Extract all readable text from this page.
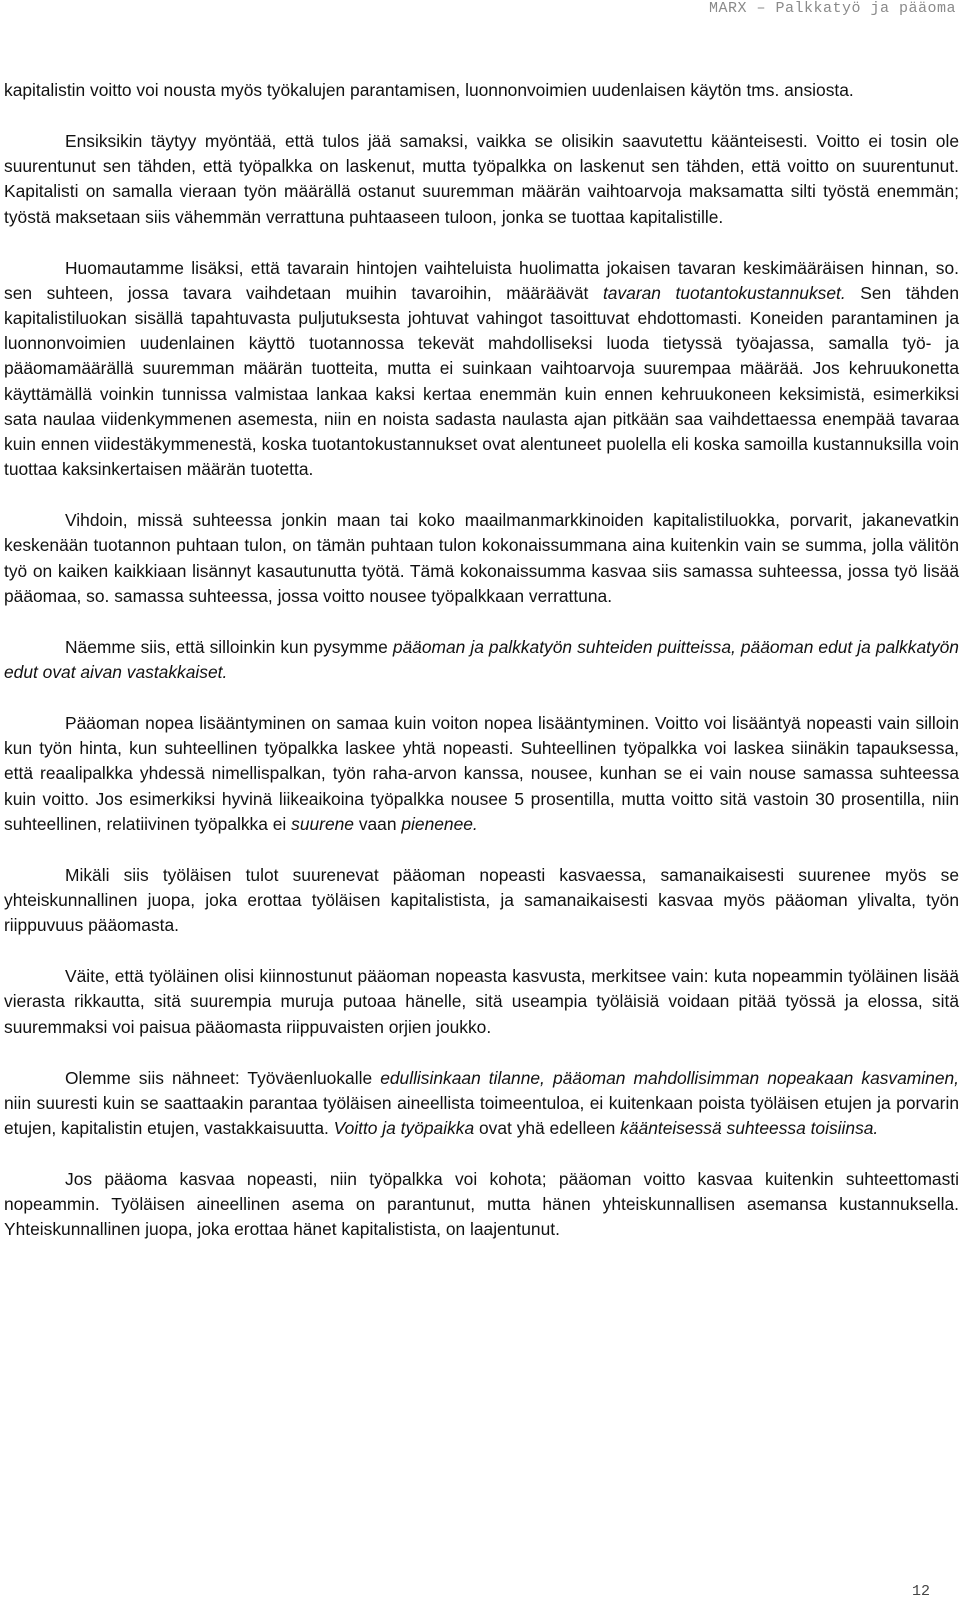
MARX – Palkkatyö ja pääoma

kapitalistin voitto voi nousta myös työkalujen parantamisen, luonnonvoimien uudenlaisen käytön tms. ansiosta.

Ensiksikin täytyy myöntää, että tulos jää samaksi, vaikka se olisikin saavutettu käänteisesti. Voitto ei tosin ole suurentunut sen tähden, että työpalkka on laskenut, mutta työpalkka on laskenut sen tähden, että voitto on suurentunut. Kapitalisti on samalla vieraan työn määrällä ostanut suuremman määrän vaihtoarvoja maksamatta silti työstä enemmän; työstä maksetaan siis vähemmän verrattuna puhtaaseen tuloon, jonka se tuottaa kapitalistille.

Huomautamme lisäksi, että tavarain hintojen vaihteluista huolimatta jokaisen tavaran keskimääräisen hinnan, so. sen suhteen, jossa tavara vaihdetaan muihin tavaroihin, määräävät tavaran tuotantokustannukset. Sen tähden kapitalistiluokan sisällä tapahtuvasta puljutuksesta johtuvat vahingot tasoittuvat ehdottomasti. Koneiden parantaminen ja luonnonvoimien uudenlainen käyttö tuotannossa tekevät mahdolliseksi luoda tietyssä työajassa, samalla työ- ja pääomamäärällä suuremman määrän tuotteita, mutta ei suinkaan vaihtoarvoja suurempaa määrää. Jos kehruukonetta käyttämällä voinkin tunnissa valmistaa lankaa kaksi kertaa enemmän kuin ennen kehruukoneen keksimistä, esimerkiksi sata naulaa viidenkymmenen asemesta, niin en noista sadasta naulasta ajan pitkään saa vaihdettaessa enempää tavaraa kuin ennen viidestäkymmenestä, koska tuotantokustannukset ovat alentuneet puolella eli koska samoilla kustannuksilla voin tuottaa kaksinkertaisen määrän tuotetta.

Vihdoin, missä suhteessa jonkin maan tai koko maailmanmarkkinoiden kapitalistiluokka, porvarit, jakanevatkin keskenään tuotannon puhtaan tulon, on tämän puhtaan tulon kokonaissummana aina kuitenkin vain se summa, jolla välitön työ on kaiken kaikkiaan lisännyt kasautunutta työtä. Tämä kokonaissumma kasvaa siis samassa suhteessa, jossa työ lisää pääomaa, so. samassa suhteessa, jossa voitto nousee työpalkkaan verrattuna.

Näemme siis, että silloinkin kun pysymme pääoman ja palkkatyön suhteiden puitteissa, pääoman edut ja palkkatyön edut ovat aivan vastakkaiset.

Pääoman nopea lisääntyminen on samaa kuin voiton nopea lisääntyminen. Voitto voi lisääntyä nopeasti vain silloin kun työn hinta, kun suhteellinen työpalkka laskee yhtä nopeasti. Suhteellinen työpalkka voi laskea siinäkin tapauksessa, että reaalipalkka yhdessä nimellispalkan, työn raha-arvon kanssa, nousee, kunhan se ei vain nouse samassa suhteessa kuin voitto. Jos esimerkiksi hyvinä liikeaikoina työpalkka nousee 5 prosentilla, mutta voitto sitä vastoin 30 prosentilla, niin suhteellinen, relatiivinen työpalkka ei suurene vaan pienenee.

Mikäli siis työläisen tulot suurenevat pääoman nopeasti kasvaessa, samanaikaisesti suurenee myös se yhteiskunnallinen juopa, joka erottaa työläisen kapitalistista, ja samanaikaisesti kasvaa myös pääoman ylivalta, työn riippuvuus pääomasta.

Väite, että työläinen olisi kiinnostunut pääoman nopeasta kasvusta, merkitsee vain: kuta nopeammin työläinen lisää vierasta rikkautta, sitä suurempia muruja putoaa hänelle, sitä useampia työläisiä voidaan pitää työssä ja elossa, sitä suuremmaksi voi paisua pääomasta riippuvaisten orjien joukko.

Olemme siis nähneet: Työväenluokalle edullisinkaan tilanne, pääoman mahdollisimman nopeakaan kasvaminen, niin suuresti kuin se saattaakin parantaa työläisen aineellista toimeentuloa, ei kuitenkaan poista työläisen etujen ja porvarin etujen, kapitalistin etujen, vastakkaisuutta. Voitto ja työpaikka ovat yhä edelleen käänteisessä suhteessa toisiinsa.

Jos pääoma kasvaa nopeasti, niin työpalkka voi kohota; pääoman voitto kasvaa kuitenkin suhteettomasti nopeammin. Työläisen aineellinen asema on parantunut, mutta hänen yhteiskunnallisen asemansa kustannuksella. Yhteiskunnallinen juopa, joka erottaa hänet kapitalistista, on laajentunut.

12
